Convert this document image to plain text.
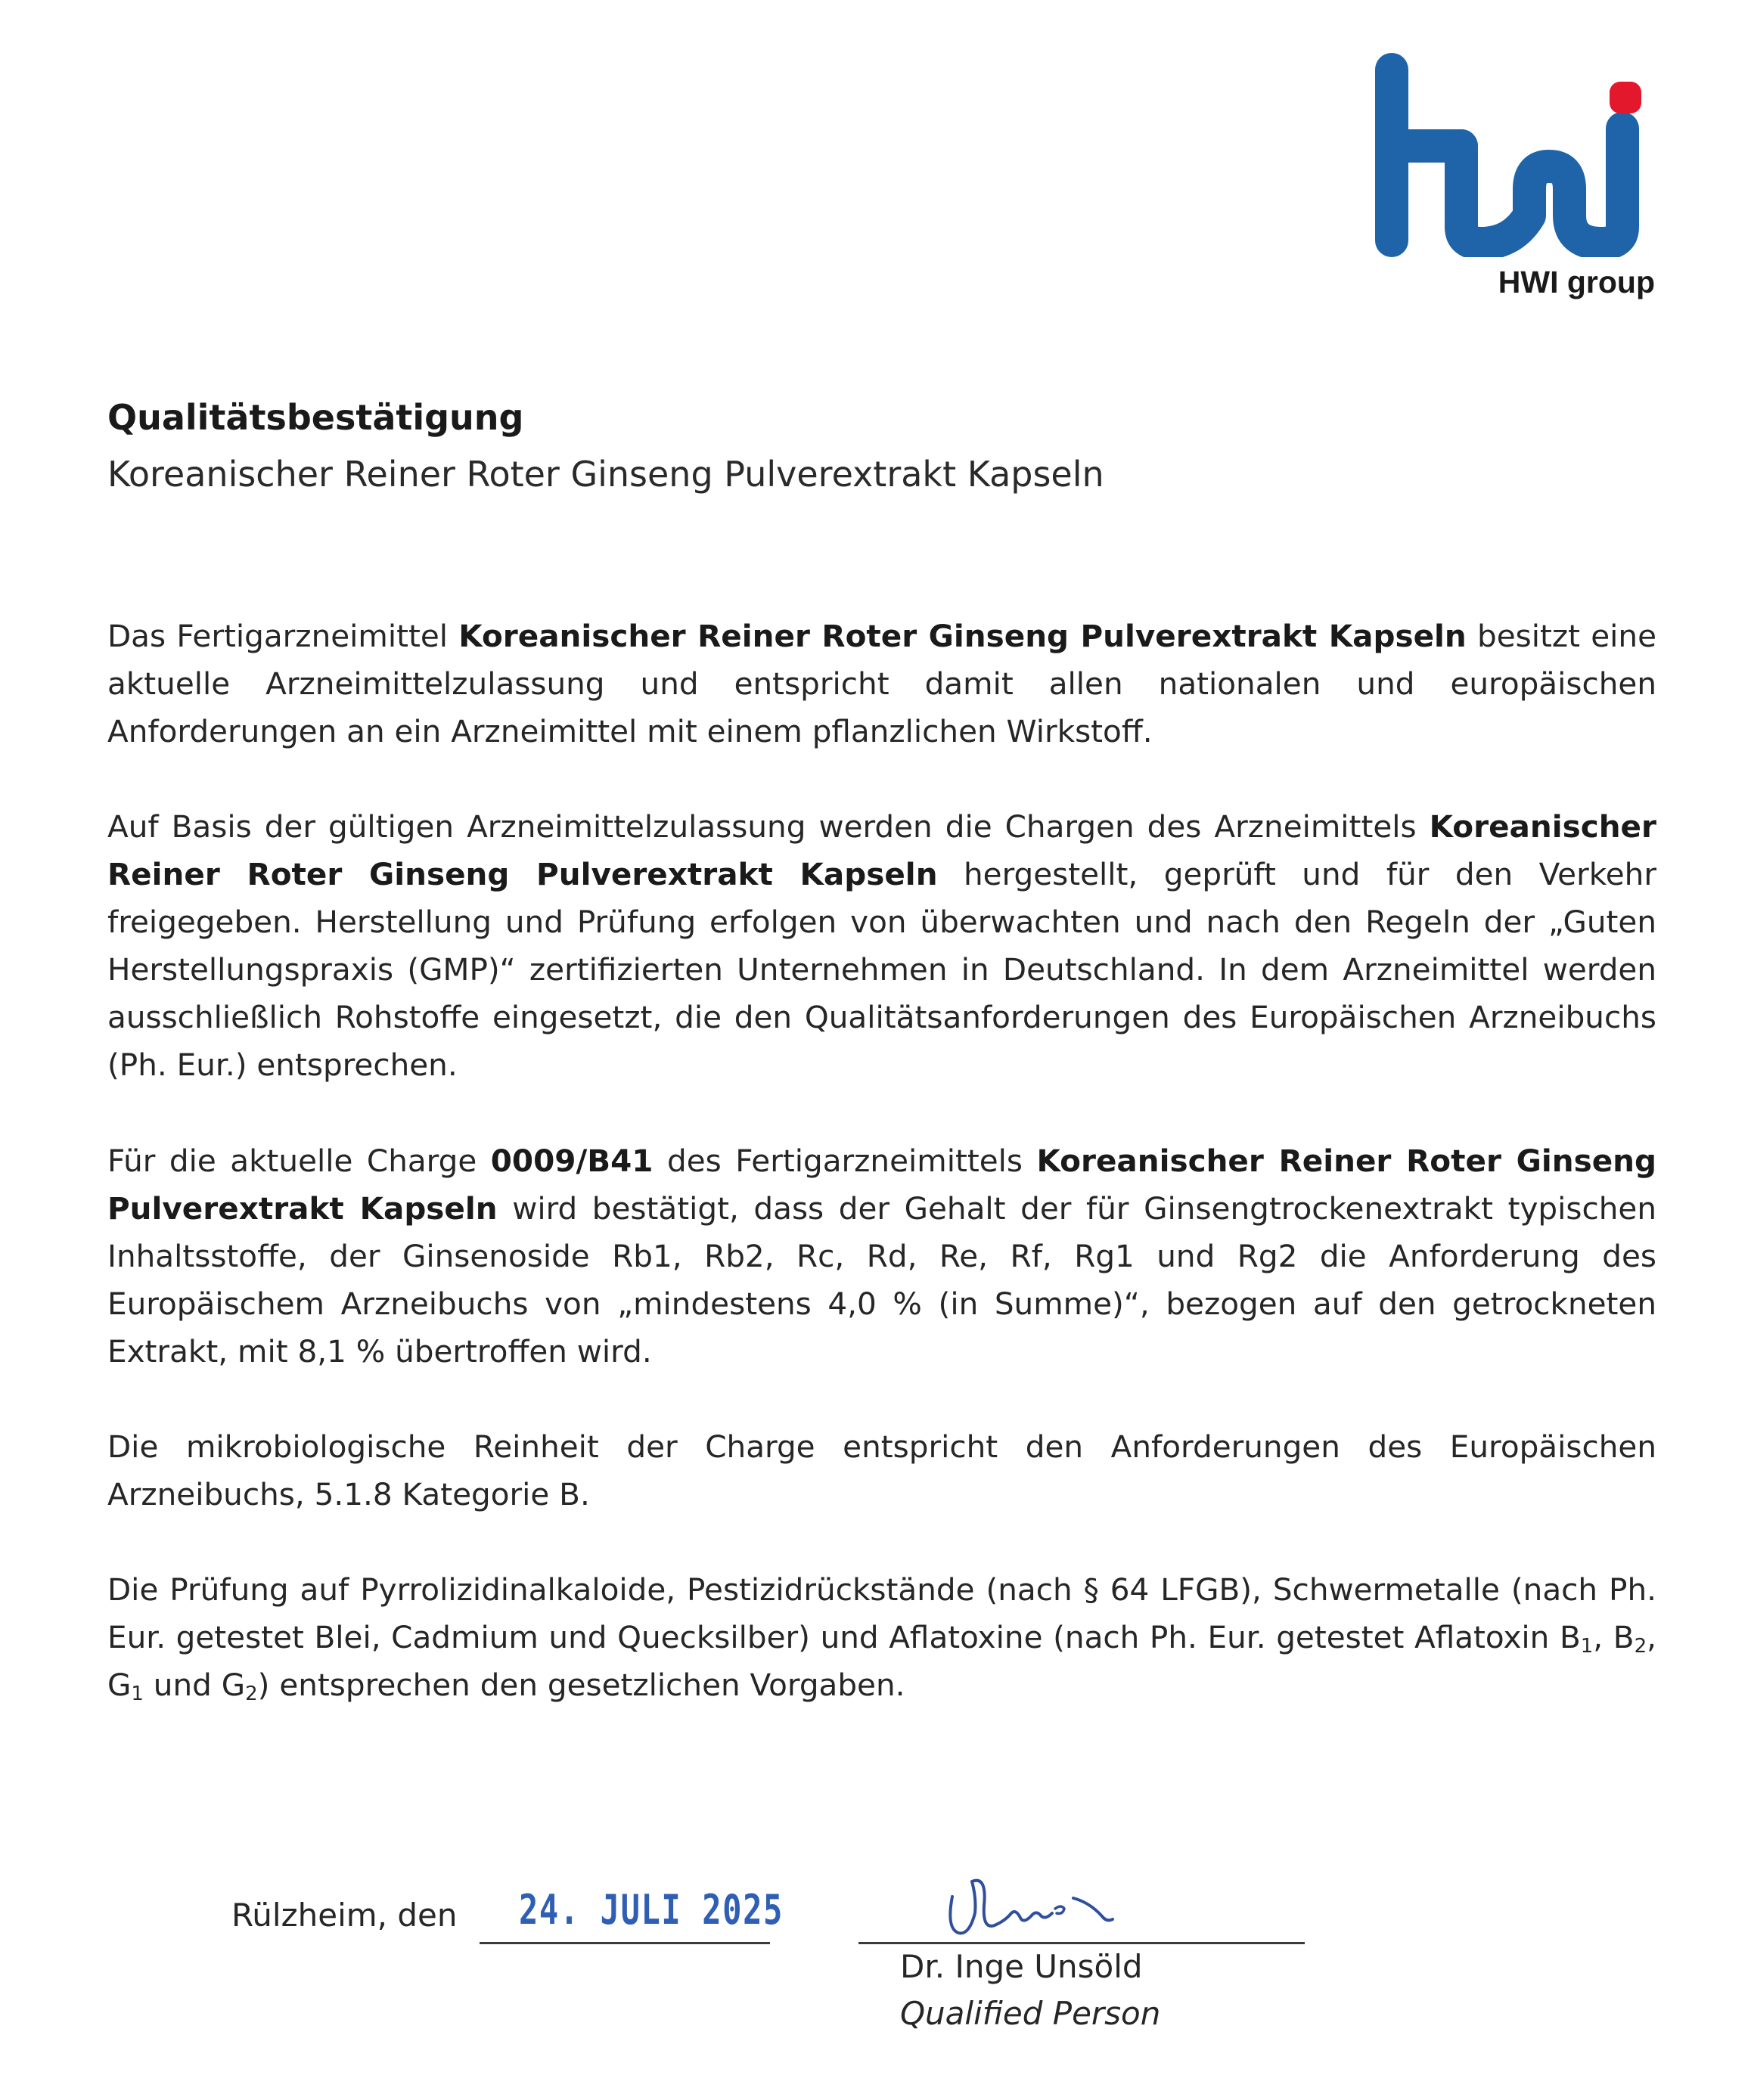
HWI group
Qualitätsbestätigung
Koreanischer Reiner Roter Ginseng Pulverextrakt Kapseln
Das Fertigarzneimittel Koreanischer Reiner Roter Ginseng Pulverextrakt Kapseln besitzt eine aktuelle Arzneimittelzulassung und entspricht damit allen nationalen und europäischen Anforderungen an ein Arzneimittel mit einem pflanzlichen Wirkstoff.
Auf Basis der gültigen Arzneimittelzulassung werden die Chargen des Arzneimittels Koreanischer Reiner Roter Ginseng Pulverextrakt Kapseln hergestellt, geprüft und für den Verkehr freigegeben. Herstellung und Prüfung erfolgen von überwachten und nach den Regeln der „Guten Herstellungspraxis (GMP)“ zertifizierten Unternehmen in Deutschland. In dem Arzneimittel werden ausschließlich Rohstoffe eingesetzt, die den Qualitätsanforderungen des Europäischen Arzneibuchs (Ph. Eur.) entsprechen.
Für die aktuelle Charge 0009/B41 des Fertigarzneimittels Koreanischer Reiner Roter Ginseng Pulverextrakt Kapseln wird bestätigt, dass der Gehalt der für Ginsengtrockenextrakt typischen Inhaltsstoffe, der Ginsenoside Rb1, Rb2, Rc, Rd, Re, Rf, Rg1 und Rg2 die Anforderung des Europäischem Arzneibuchs von „mindestens 4,0 % (in Summe)“, bezogen auf den getrockneten Extrakt, mit 8,1 % übertroffen wird.
Die mikrobiologische Reinheit der Charge entspricht den Anforderungen des Europäischen Arzneibuchs, 5.1.8 Kategorie B.
Die Prüfung auf Pyrrolizidinalkaloide, Pestizidrückstände (nach § 64 LFGB), Schwermetalle (nach Ph. Eur. getestet Blei, Cadmium und Quecksilber) und Aflatoxine (nach Ph. Eur. getestet Aflatoxin $B_1$, $B_2$, $G_1$ und $G_2$) entsprechen den gesetzlichen Vorgaben.
Rülzheim, den 24. JULI 2025
Dr. Inge Unsöld
Qualified Person
